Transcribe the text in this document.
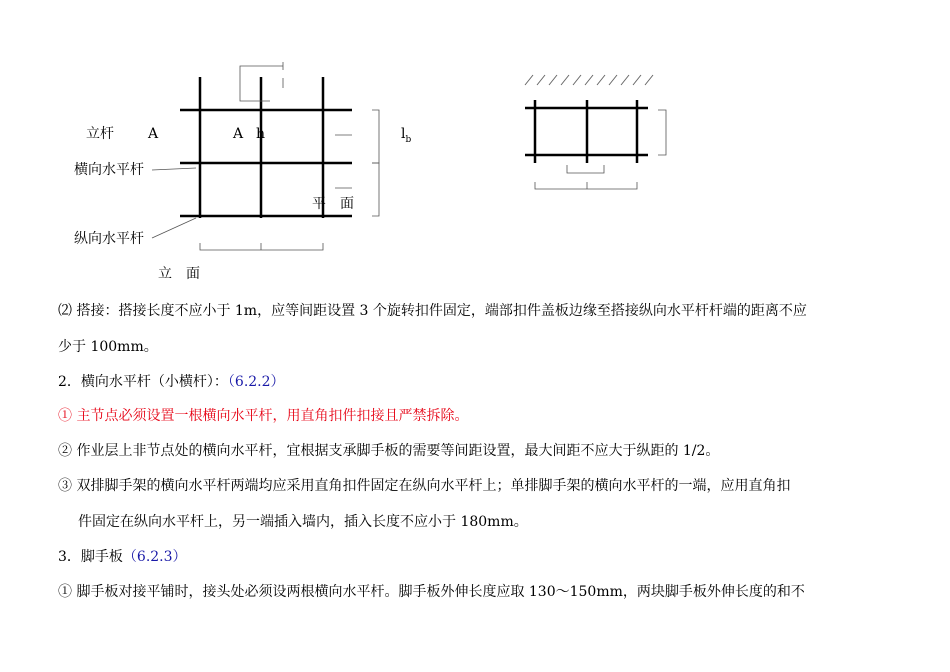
立杆 A	A h	$l_b$
横向水平杆
平　面
纵向水平杆
立　面
⑵ 搭接：搭接长度不应小于 1m，应等间距设置 3 个旋转扣件固定，端部扣件盖板边缘至搭接纵向水平杆杆端的距离不应
少于 100mm。
2．横向水平杆（小横杆）：（6.2.2）
① 主节点必须设置一根横向水平杆，用直角扣件扣接且严禁拆除。
② 作业层上非节点处的横向水平杆，宜根据支承脚手板的需要等间距设置，最大间距不应大于纵距的 1/2。
③ 双排脚手架的横向水平杆两端均应采用直角扣件固定在纵向水平杆上；单排脚手架的横向水平杆的一端，应用直角扣
件固定在纵向水平杆上，另一端插入墙内，插入长度不应小于 180mm。
3．脚手板（6.2.3）
① 脚手板对接平铺时，接头处必须设两根横向水平杆。脚手板外伸长度应取 130～150mm，两块脚手板外伸长度的和不
